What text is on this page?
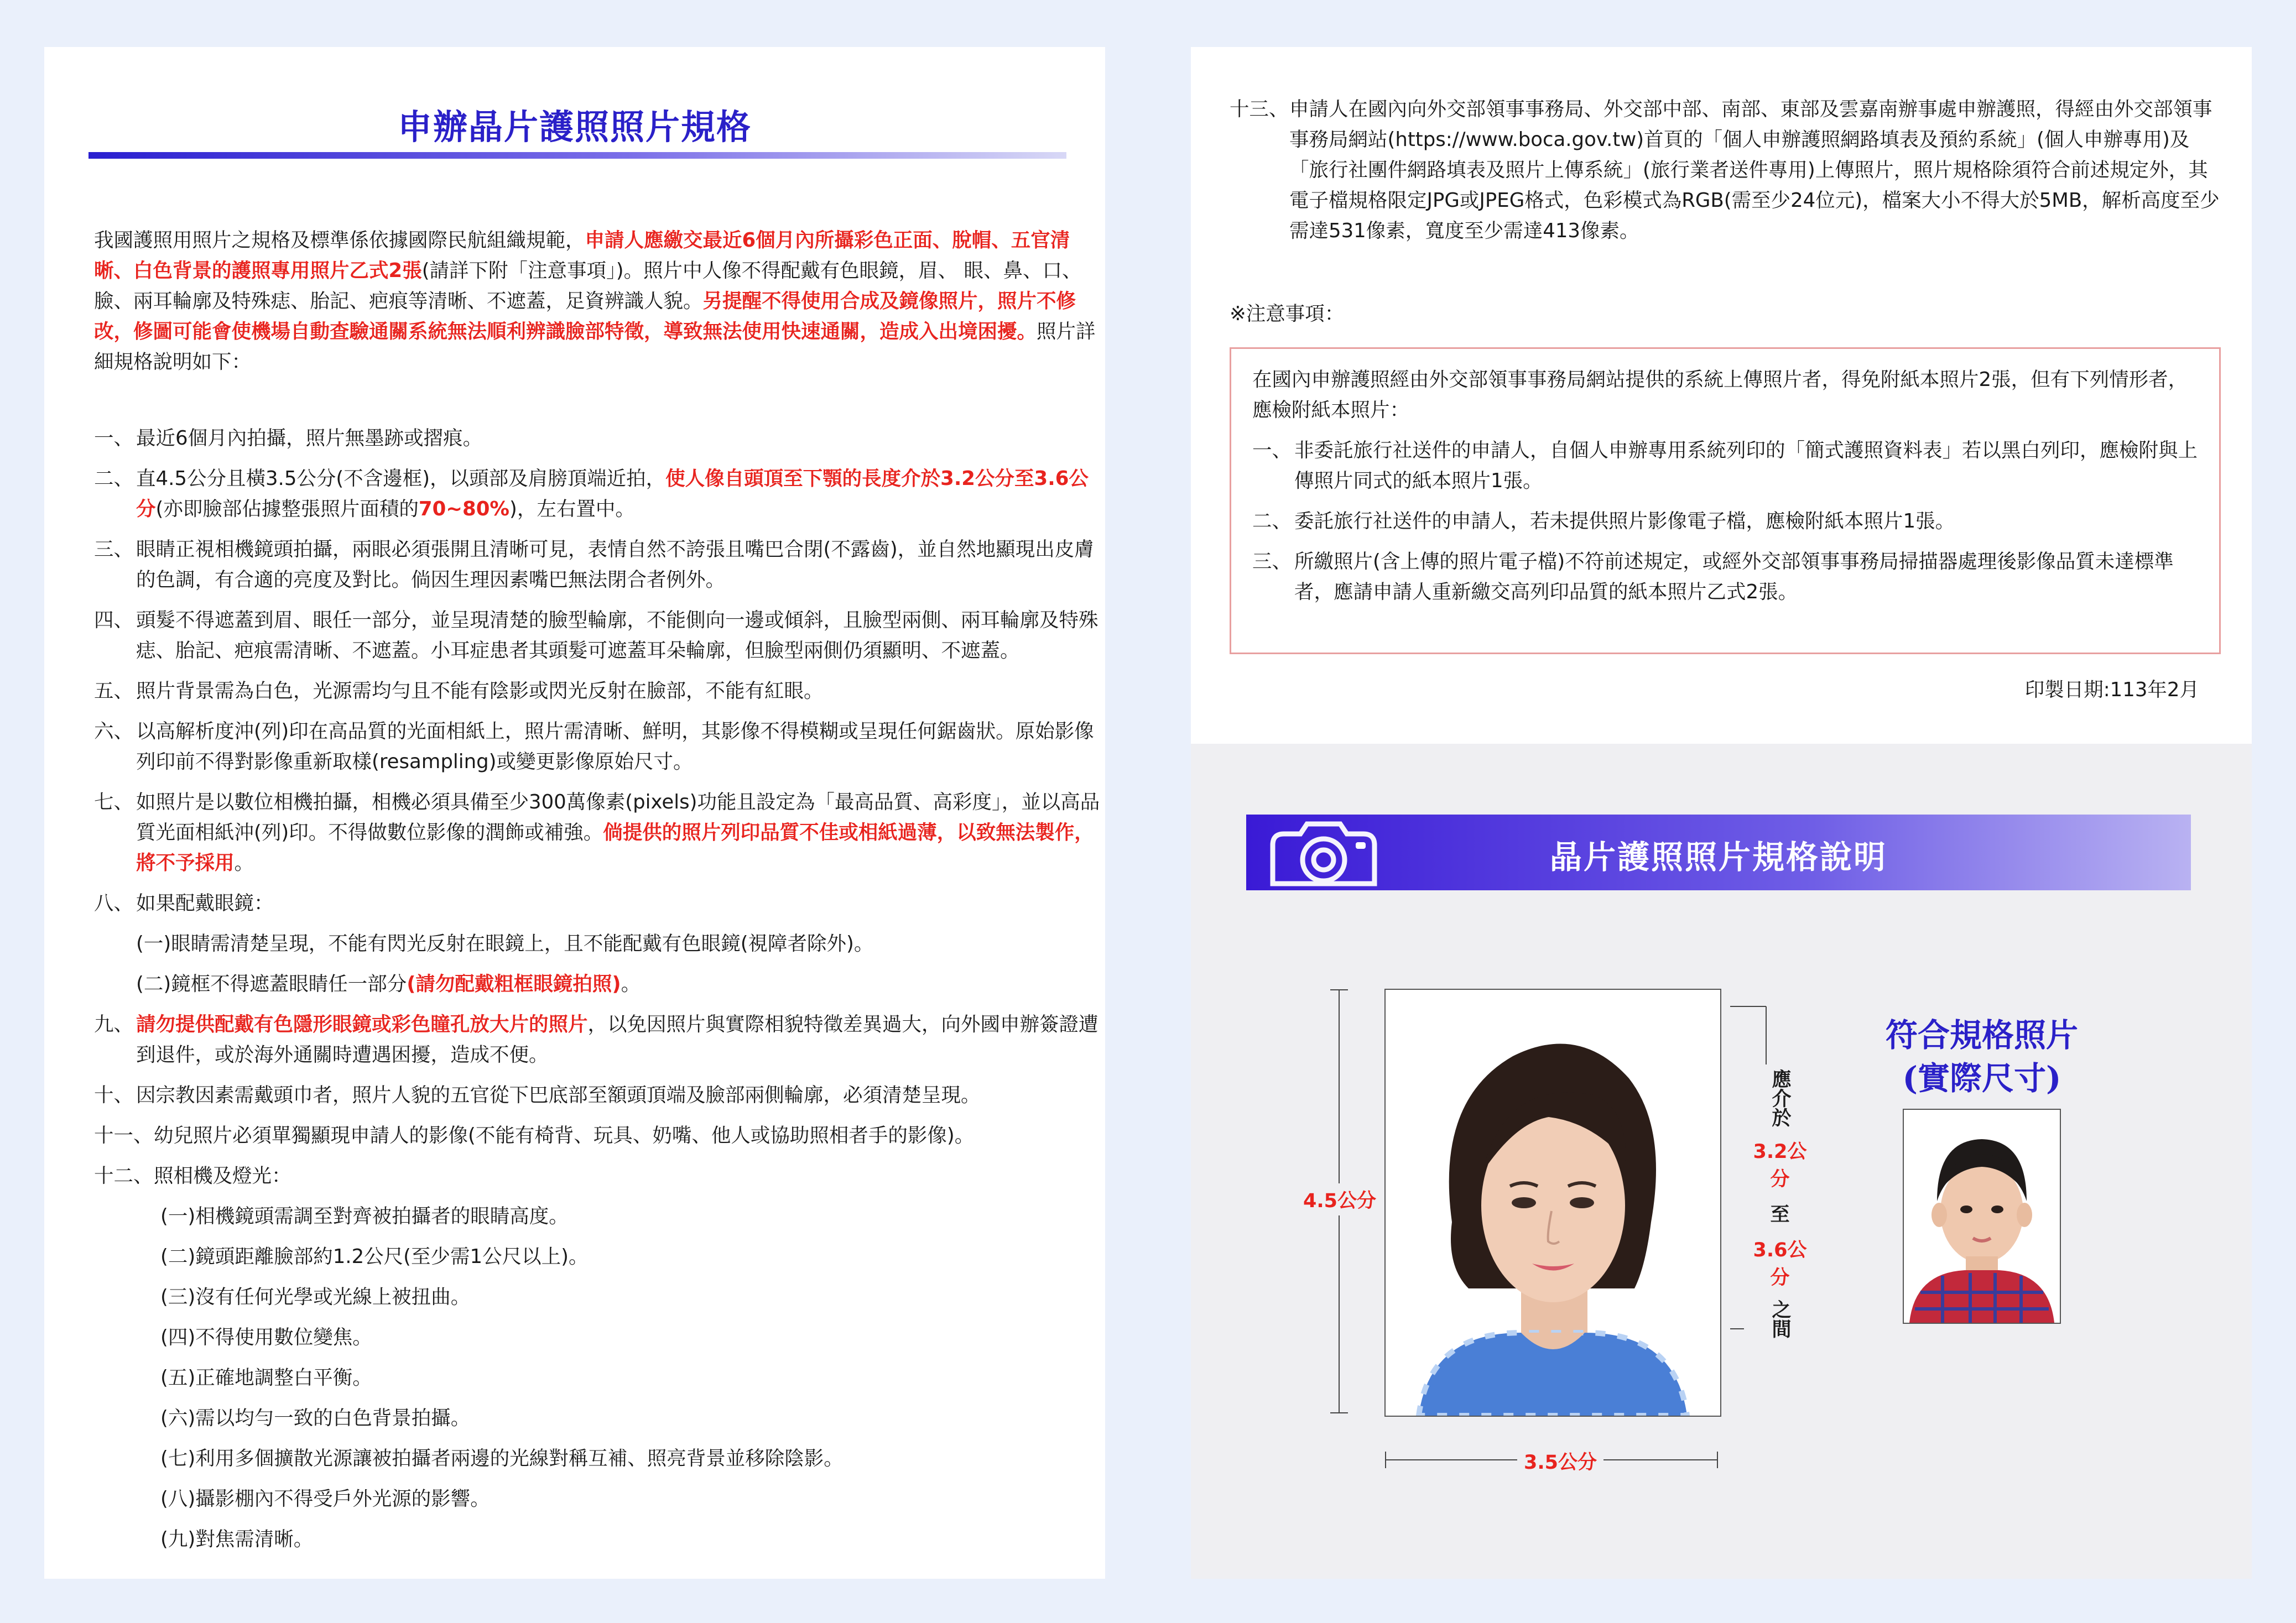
申辦晶片護照照片規格
我國護照用照片之規格及標準係依據國際民航組織規範，申請人應繳交最近6個月內所攝彩色正面、脫帽、五官清晰、白色背景的護照專用照片乙式2張(請詳下附「注意事項」)。照片中人像不得配戴有色眼鏡，眉、 眼、鼻、口、臉、兩耳輪廓及特殊痣、胎記、疤痕等清晰、不遮蓋，足資辨識人貌。另提醒不得使用合成及鏡像照片，照片不修改，修圖可能會使機場自動查驗通關系統無法順利辨識臉部特徵，導致無法使用快速通關，造成入出境困擾。照片詳細規格說明如下：
一、 最近6個月內拍攝，照片無墨跡或摺痕。
二、 直4.5公分且橫3.5公分(不含邊框)，以頭部及肩膀頂端近拍，使人像自頭頂至下顎的長度介於3.2公分至3.6公分(亦即臉部佔據整張照片面積的70~80%)，左右置中。
三、 眼睛正視相機鏡頭拍攝，兩眼必須張開且清晰可見，表情自然不誇張且嘴巴合閉(不露齒)，並自然地顯現出皮膚的色調，有合適的亮度及對比。倘因生理因素嘴巴無法閉合者例外。
四、 頭髮不得遮蓋到眉、眼任一部分，並呈現清楚的臉型輪廓，不能側向一邊或傾斜，且臉型兩側、兩耳輪廓及特殊痣、胎記、疤痕需清晰、不遮蓋。小耳症患者其頭髮可遮蓋耳朵輪廓，但臉型兩側仍須顯明、不遮蓋。
五、 照片背景需為白色，光源需均勻且不能有陰影或閃光反射在臉部，不能有紅眼。
六、 以高解析度沖(列)印在高品質的光面相紙上，照片需清晰、鮮明，其影像不得模糊或呈現任何鋸齒狀。原始影像列印前不得對影像重新取樣(resampling)或變更影像原始尺寸。
七、 如照片是以數位相機拍攝，相機必須具備至少300萬像素(pixels)功能且設定為「最高品質、高彩度」，並以高品質光面相紙沖(列)印。不得做數位影像的潤飾或補強。倘提供的照片列印品質不佳或相紙過薄，以致無法製作，將不予採用。
八、 如果配戴眼鏡：
(一)眼睛需清楚呈現，不能有閃光反射在眼鏡上，且不能配戴有色眼鏡(視障者除外)。
(二)鏡框不得遮蓋眼睛任一部分(請勿配戴粗框眼鏡拍照)。
九、 請勿提供配戴有色隱形眼鏡或彩色瞳孔放大片的照片，以免因照片與實際相貌特徵差異過大，向外國申辦簽證遭到退件，或於海外通關時遭遇困擾，造成不便。
十、 因宗教因素需戴頭巾者，照片人貌的五官從下巴底部至額頭頂端及臉部兩側輪廓，必須清楚呈現。
十一、 幼兒照片必須單獨顯現申請人的影像(不能有椅背、玩具、奶嘴、他人或協助照相者手的影像)。
十二、 照相機及燈光：
(一)相機鏡頭需調至對齊被拍攝者的眼睛高度。
(二)鏡頭距離臉部約1.2公尺(至少需1公尺以上)。
(三)沒有任何光學或光線上被扭曲。
(四)不得使用數位變焦。
(五)正確地調整白平衡。
(六)需以均勻一致的白色背景拍攝。
(七)利用多個擴散光源讓被拍攝者兩邊的光線對稱互補、照亮背景並移除陰影。
(八)攝影棚內不得受戶外光源的影響。
(九)對焦需清晰。
十三、 申請人在國內向外交部領事事務局、外交部中部、南部、東部及雲嘉南辦事處申辦護照，得經由外交部領事事務局網站(https://www.boca.gov.tw)首頁的「個人申辦護照網路填表及預約系統」(個人申辦專用)及「旅行社團件網路填表及照片上傳系統」(旅行業者送件專用)上傳照片，照片規格除須符合前述規定外，其電子檔規格限定JPG或JPEG格式，色彩模式為RGB(需至少24位元)，檔案大小不得大於5MB，解析高度至少需達531像素，寬度至少需達413像素。
※注意事項：
在國內申辦護照經由外交部領事事務局網站提供的系統上傳照片者，得免附紙本照片2張，但有下列情形者，應檢附紙本照片：
一、 非委託旅行社送件的申請人，自個人申辦專用系統列印的「簡式護照資料表」若以黑白列印，應檢附與上傳照片同式的紙本照片1張。
二、 委託旅行社送件的申請人，若未提供照片影像電子檔，應檢附紙本照片1張。
三、 所繳照片(含上傳的照片電子檔)不符前述規定，或經外交部領事事務局掃描器處理後影像品質未達標準者，應請申請人重新繳交高列印品質的紙本照片乙式2張。
印製日期:113年2月
晶片護照照片規格說明
4.5公分
3.5公分
應介於
3.2公分
至
3.6公分
之間
符合規格照片
(實際尺寸)
